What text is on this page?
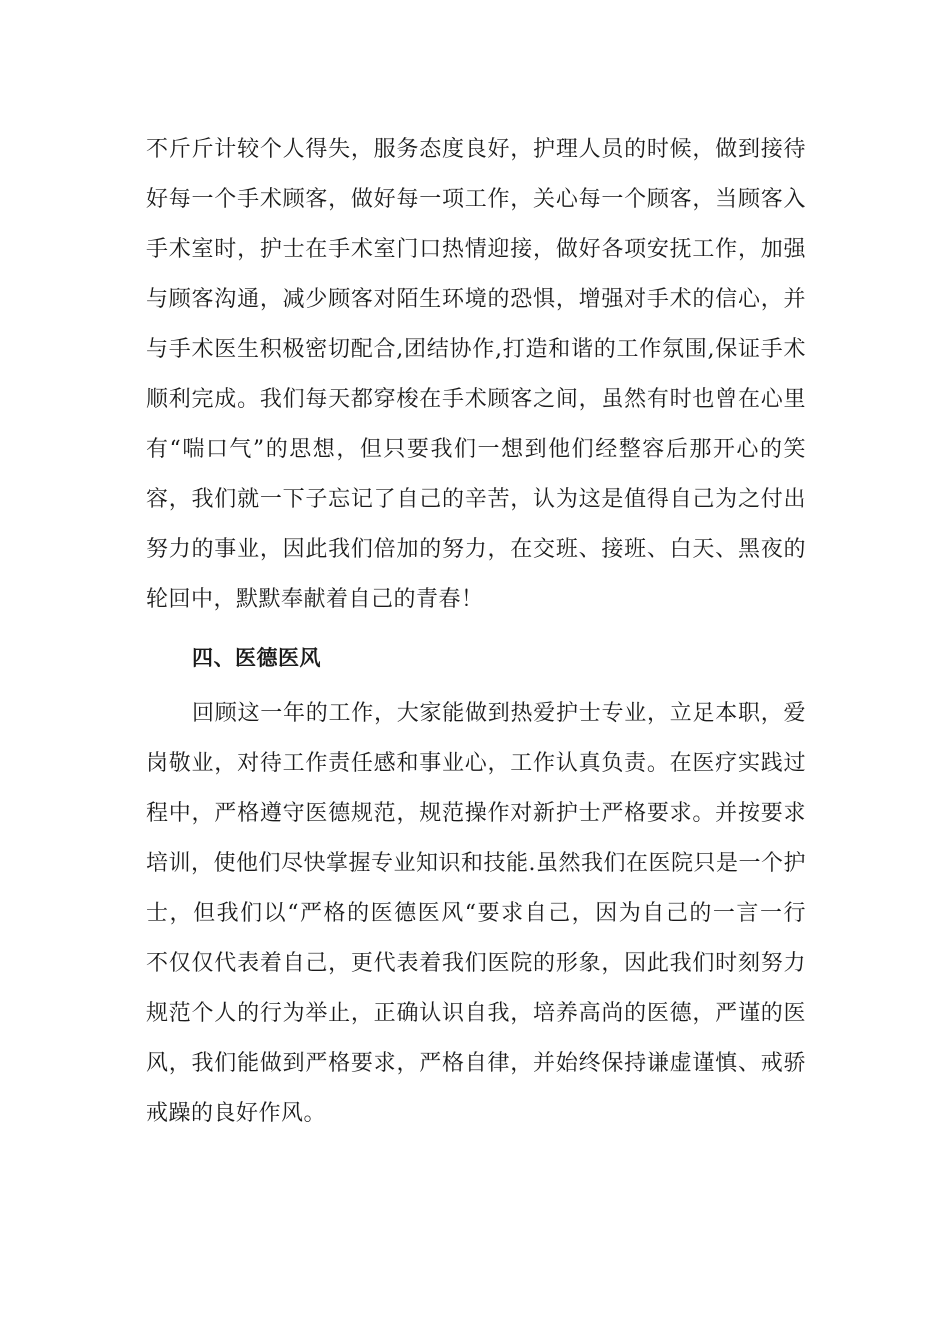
不斤斤计较个人得失，服务态度良好，护理人员的时候，做到接待
好每一个手术顾客，做好每一项工作，关心每一个顾客，当顾客入
手术室时，护士在手术室门口热情迎接，做好各项安抚工作，加强
与顾客沟通，减少顾客对陌生环境的恐惧，增强对手术的信心，并
与手术医生积极密切配合,团结协作,打造和谐的工作氛围,保证手术
顺利完成。我们每天都穿梭在手术顾客之间，虽然有时也曾在心里
有“喘口气”的思想，但只要我们一想到他们经整容后那开心的笑
容，我们就一下子忘记了自己的辛苦，认为这是值得自己为之付出
努力的事业，因此我们倍加的努力，在交班、接班、白天、黑夜的
轮回中，默默奉献着自己的青春！
四、医德医风
回顾这一年的工作，大家能做到热爱护士专业，立足本职，爱
岗敬业，对待工作责任感和事业心，工作认真负责。在医疗实践过
程中，严格遵守医德规范，规范操作对新护士严格要求。并按要求
培训，使他们尽快掌握专业知识和技能.虽然我们在医院只是一个护
士，但我们以“严格的医德医风“要求自己，因为自己的一言一行
不仅仅代表着自己，更代表着我们医院的形象，因此我们时刻努力
规范个人的行为举止，正确认识自我，培养高尚的医德，严谨的医
风，我们能做到严格要求，严格自律，并始终保持谦虚谨慎、戒骄
戒躁的良好作风。
